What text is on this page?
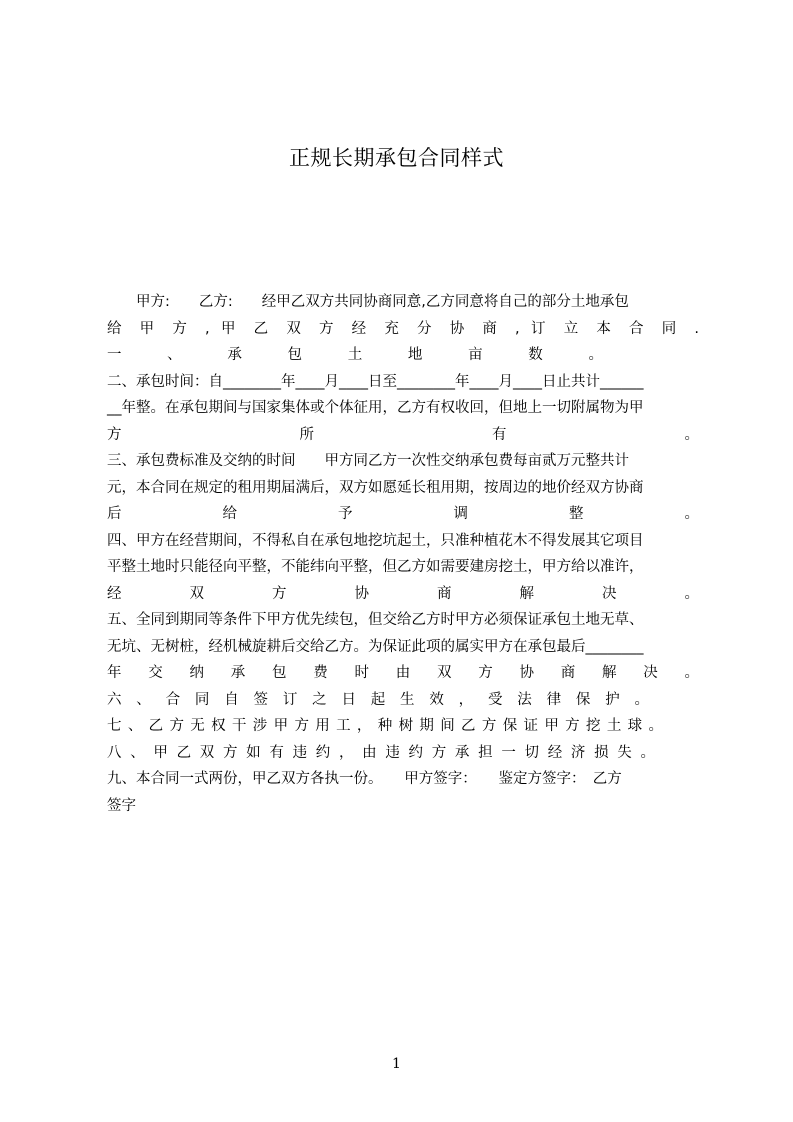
正规长期承包合同样式
　　甲方:　　乙方:　　经甲乙双方共同协商同意,乙方同意将自己的部分土地承包
给 甲 方 , 甲 乙 双 方 经 充 分 协 商 , 订 立 本 合 同 .
一 、 承 包 土 地 亩 数 。
二、承包时间：自________年____月____日至________年____月____日止共计______
__年整。在承包期间与国家集体或个体征用，乙方有权收回，但地上一切附属物为甲
方 所 有 。
三、承包费标准及交纳的时间　　甲方同乙方一次性交纳承包费每亩贰万元整共计
元，本合同在规定的租用期届满后，双方如愿延长租用期，按周边的地价经双方协商
后 给 予 调 整 。
四、甲方在经营期间，不得私自在承包地挖坑起土，只准种植花木不得发展其它项目
平整土地时只能径向平整，不能纬向平整，但乙方如需要建房挖土，甲方给以准许，
经 双 方 协 商 解 决 。
五、全同到期同等条件下甲方优先续包，但交给乙方时甲方必须保证承包土地无草、
无坑、无树桩，经机械旋耕后交给乙方。为保证此项的属实甲方在承包最后________
年 交 纳 承 包 费 时 由 双 方 协 商 解 决 。
六 、 合 同 自 签 订 之 日 起 生 效 ， 受 法 律 保 护 。
七 、 乙 方 无 权 干 涉 甲 方 用 工 ， 种 树 期 间 乙 方 保 证 甲 方 挖 土 球 。
八 、 甲 乙 双 方 如 有 违 约 ， 由 违 约 方 承 担 一 切 经 济 损 失 。
九、本合同一式两份，甲乙双方各执一份。　　甲方签字：　　鉴定方签字：　乙方
签字
1
